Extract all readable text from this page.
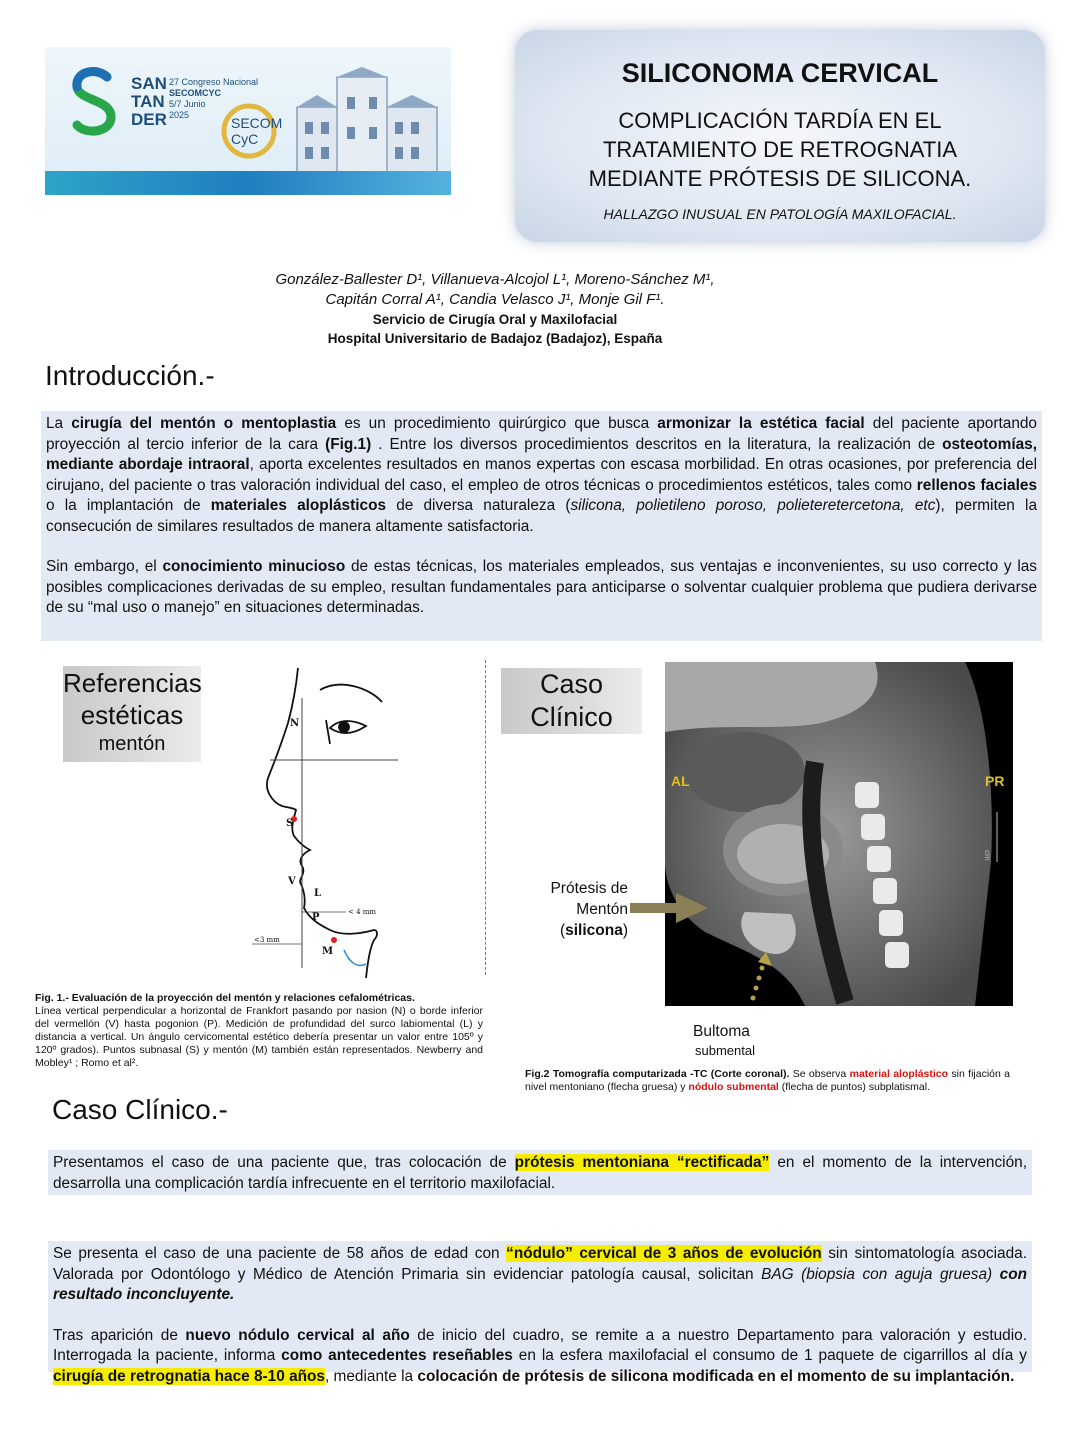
SAN
TAN
DER
27 Congreso Nacional
SECOMCYC
5/7 Junio
2025	SECOM
CyC
SILICONOMA CERVICAL
COMPLICACIÓN TARDÍA EN EL
TRATAMIENTO DE RETROGNATIA
MEDIANTE PRÓTESIS DE SILICONA.
HALLAZGO INUSUAL EN PATOLOGÍA MAXILOFACIAL.
González-Ballester D¹, Villanueva-Alcojol L¹, Moreno-Sánchez M¹,
Capitán Corral A¹, Candia Velasco J¹, Monje Gil F¹.
Servicio de Cirugía Oral y Maxilofacial
Hospital Universitario de Badajoz (Badajoz), España
Introducción.-

La cirugía del mentón o mentoplastia es un procedimiento quirúrgico que busca armonizar la estética facial del paciente aportando proyección al tercio inferior de la cara (Fig.1) . Entre los diversos procedimientos descritos en la literatura, la realización de osteotomías, mediante abordaje intraoral, aporta excelentes resultados en manos expertas con escasa morbilidad. En otras ocasiones, por preferencia del cirujano, del paciente o tras valoración individual del caso, el empleo de otros técnicas o procedimientos estéticos, tales como rellenos faciales o la implantación de materiales aloplásticos de diversa naturaleza (silicona, polietileno poroso, polieteretercetona, etc), permiten la consecución de similares resultados de manera altamente satisfactoria.

Sin embargo, el conocimiento minucioso de estas técnicas, los materiales empleados, sus ventajas e inconvenientes, su uso correcto y las posibles complicaciones derivadas de su empleo, resultan fundamentales para anticiparse o solventar cualquier problema que pudiera derivarse de su “mal uso o manejo” en situaciones determinadas.

Referencias
estéticas
mentón
N
S
V
L
P
M
< 4 mm
<3 mm
Fig. 1.- Evaluación de la proyección del mentón y relaciones cefalométricas.
Línea vertical perpendicular a horizontal de Frankfort pasando por nasion (N) o borde inferior del vermellón (V) hasta pogonion (P). Medición de profundidad del surco labiomental (L) y distancia a vertical. Un ángulo cervicomental estético debería presentar un valor entre 105º y 120º grados). Puntos subnasal (S) y mentón (M) también están representados. Newberry and Mobley¹ ; Romo et al².
Caso
Clínico
AL	PR
cm
Prótesis de
Mentón
(silicona)
Bultoma
submental
Fig.2 Tomografía computarizada -TC (Corte coronal). Se observa material aloplástico sin fijación a nivel mentoniano (flecha gruesa) y nódulo submental (flecha de puntos) subplatismal.
Caso Clínico.-

Presentamos el caso de una paciente que, tras colocación de prótesis mentoniana “rectificada” en el momento de la intervención, desarrolla una complicación tardía infrecuente en el territorio maxilofacial.

Se presenta el caso de una paciente de 58 años de edad con “nódulo” cervical de 3 años de evolución sin sintomatología asociada. Valorada por Odontólogo y Médico de Atención Primaria sin evidenciar patología causal, solicitan BAG (biopsia con aguja gruesa) con resultado inconcluyente.

Tras aparición de nuevo nódulo cervical al año de inicio del cuadro, se remite a a nuestro Departamento para valoración y estudio. Interrogada la paciente, informa como antecedentes reseñables en la esfera maxilofacial el consumo de 1 paquete de cigarrillos al día y cirugía de retrognatia hace 8-10 años, mediante la colocación de prótesis de silicona modificada en el momento de su implantación.
